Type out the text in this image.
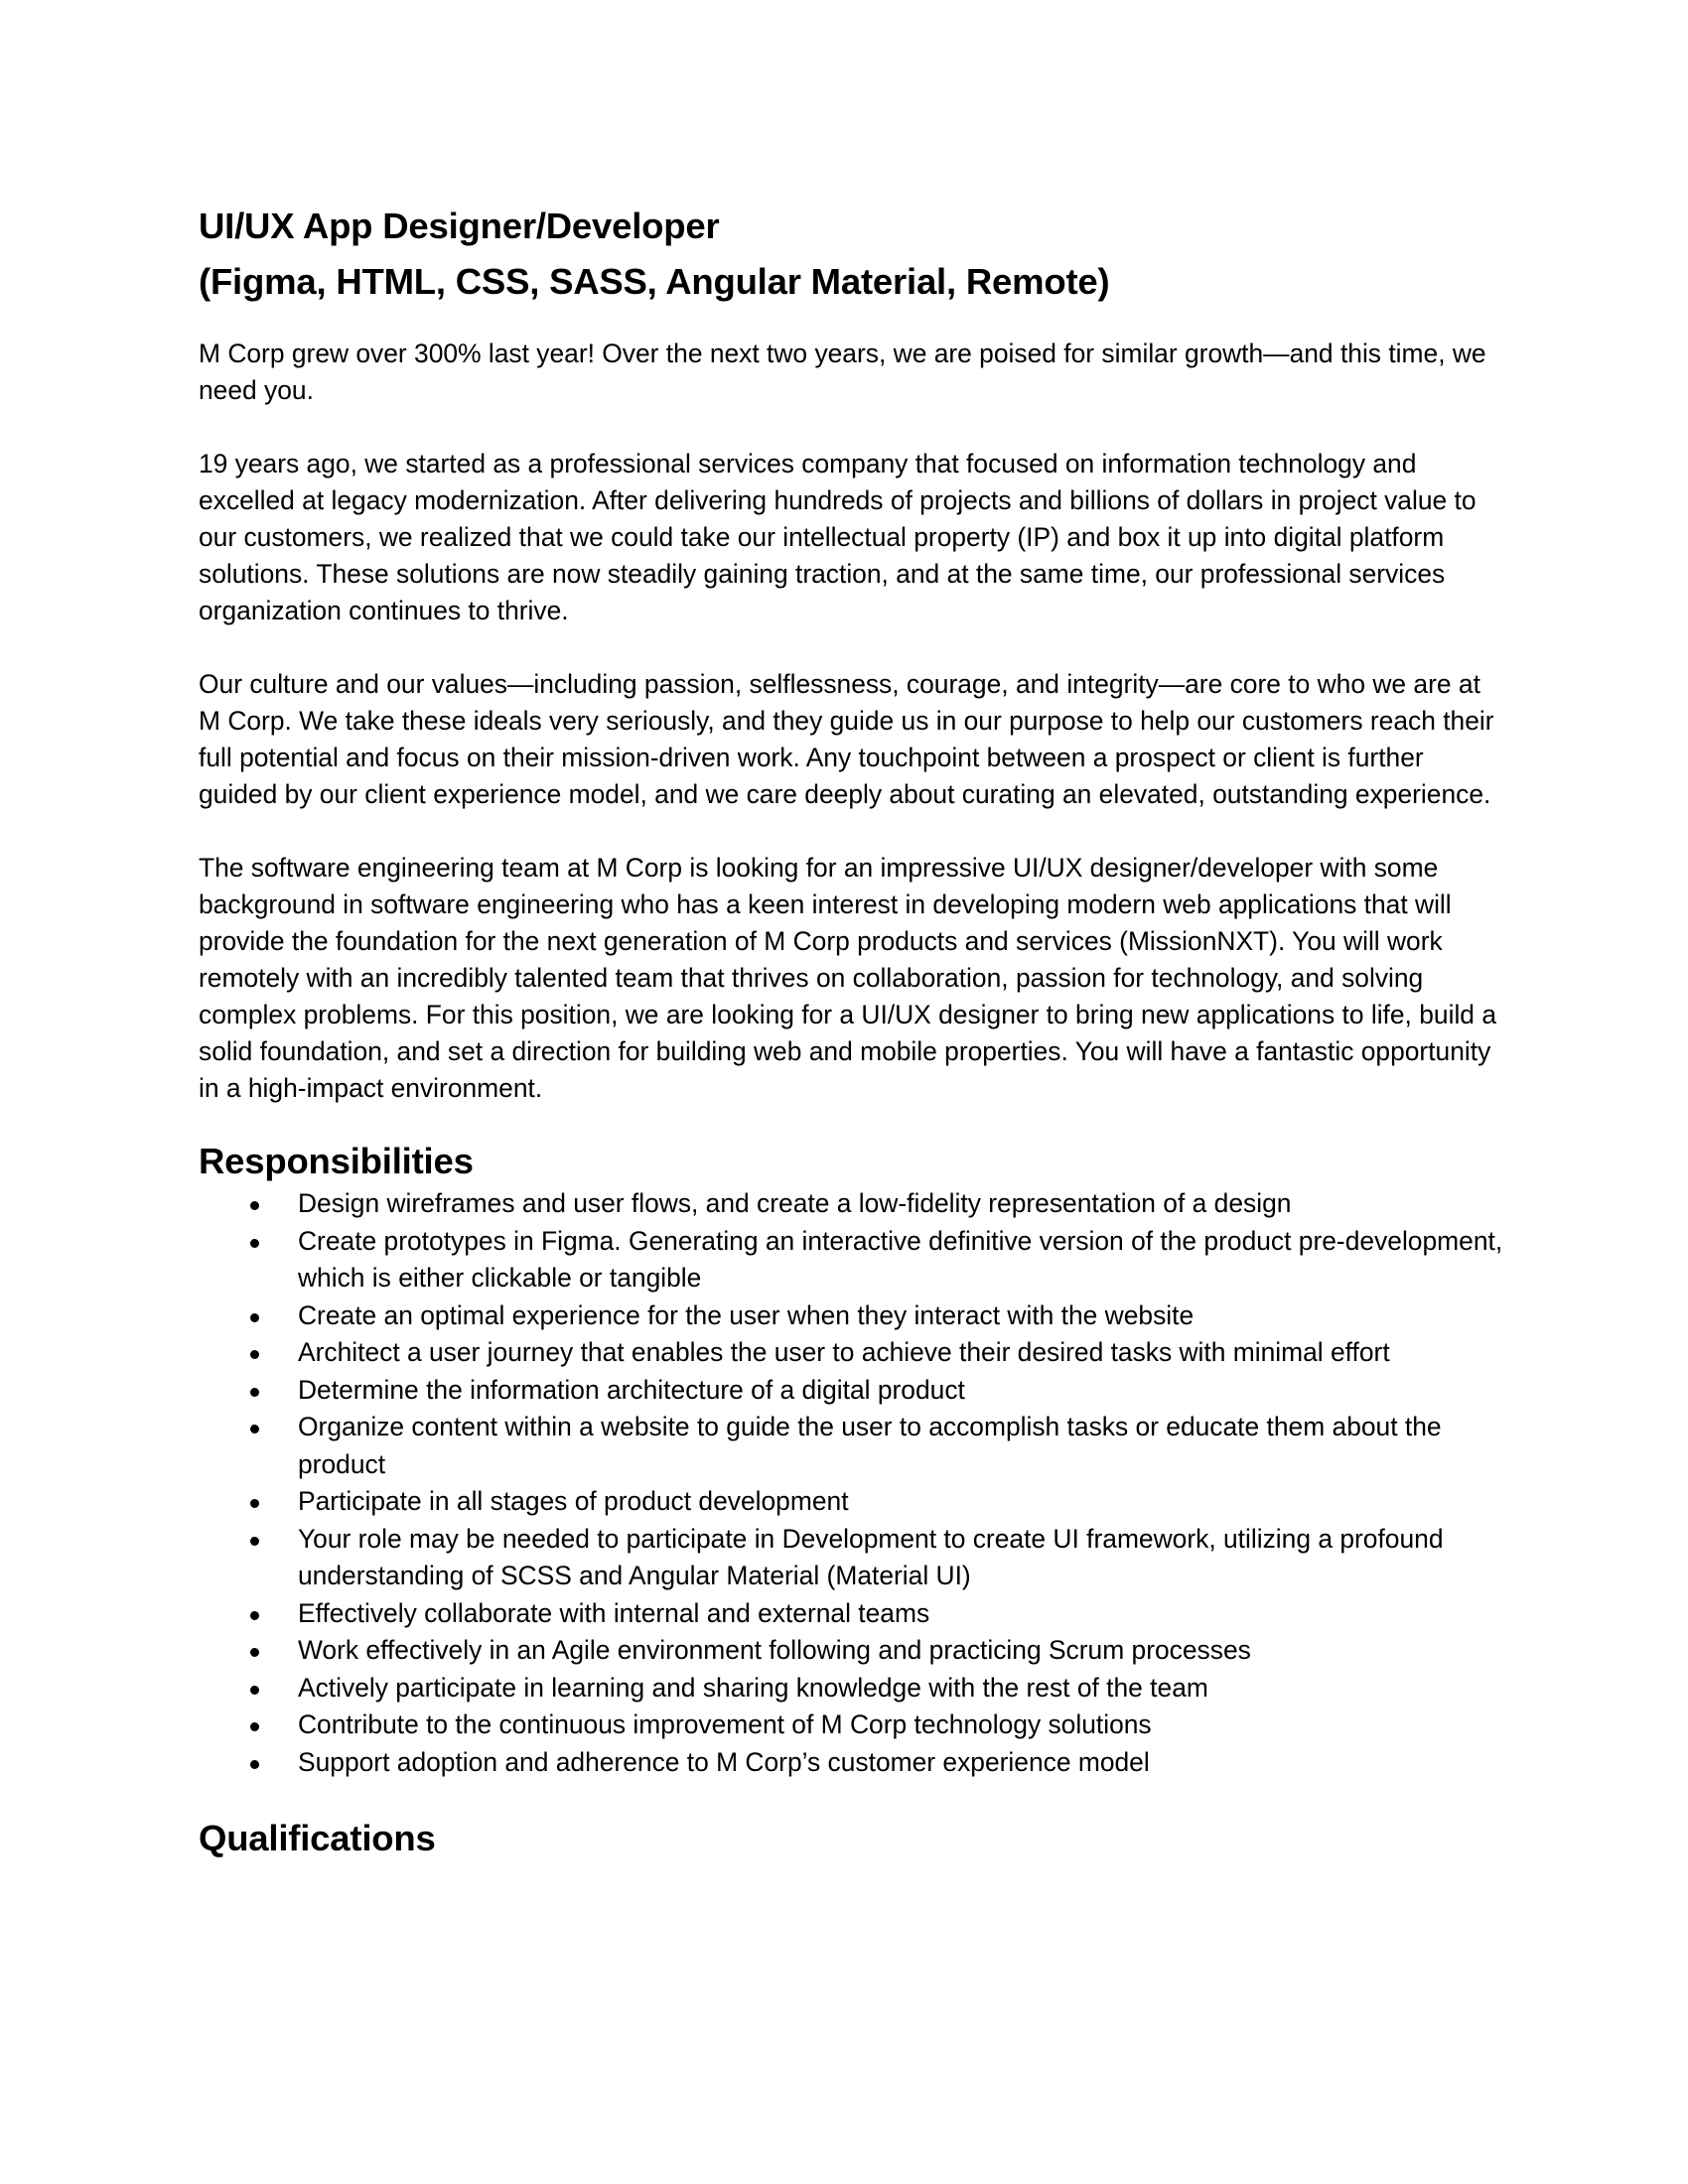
UI/UX App Designer/Developer
(Figma, HTML, CSS, SASS, Angular Material, Remote)

M Corp grew over 300% last year! Over the next two years, we are poised for similar growth—and this time, we need you.

19 years ago, we started as a professional services company that focused on information technology and excelled at legacy modernization. After delivering hundreds of projects and billions of dollars in project value to our customers, we realized that we could take our intellectual property (IP) and box it up into digital platform solutions. These solutions are now steadily gaining traction, and at the same time, our professional services organization continues to thrive.

Our culture and our values—including passion, selflessness, courage, and integrity—are core to who we are at M Corp. We take these ideals very seriously, and they guide us in our purpose to help our customers reach their full potential and focus on their mission-driven work. Any touchpoint between a prospect or client is further guided by our client experience model, and we care deeply about curating an elevated, outstanding experience.

The software engineering team at M Corp is looking for an impressive UI/UX designer/developer with some background in software engineering who has a keen interest in developing modern web applications that will provide the foundation for the next generation of M Corp products and services (MissionNXT). You will work remotely with an incredibly talented team that thrives on collaboration, passion for technology, and solving complex problems. For this position, we are looking for a UI/UX designer to bring new applications to life, build a solid foundation, and set a direction for building web and mobile properties. You will have a fantastic opportunity in a high-impact environment.

Responsibilities
Design wireframes and user flows, and create a low-fidelity representation of a design
Create prototypes in Figma. Generating an interactive definitive version of the product pre-development, which is either clickable or tangible
Create an optimal experience for the user when they interact with the website
Architect a user journey that enables the user to achieve their desired tasks with minimal effort
Determine the information architecture of a digital product
Organize content within a website to guide the user to accomplish tasks or educate them about the product
Participate in all stages of product development
Your role may be needed to participate in Development to create UI framework, utilizing a profound understanding of SCSS and Angular Material (Material UI)
Effectively collaborate with internal and external teams
Work effectively in an Agile environment following and practicing Scrum processes
Actively participate in learning and sharing knowledge with the rest of the team
Contribute to the continuous improvement of M Corp technology solutions
Support adoption and adherence to M Corp’s customer experience model
Qualifications
